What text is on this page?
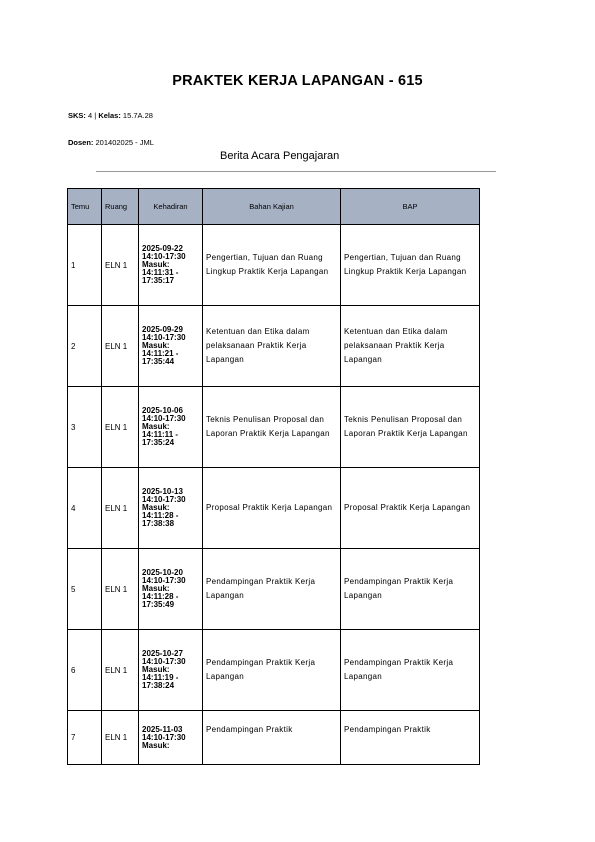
PRAKTEK KERJA LAPANGAN - 615
SKS: 4 | Kelas: 15.7A.28
Dosen: 201402025 - JML
Berita Acara Pengajaran
Temu	Ruang	Kehadiran	Bahan Kajian	BAP
1	ELN 1	2025-09-22
14:10-17:30
Masuk:
14:11:31 -
17:35:17	Pengertian, Tujuan dan Ruang Lingkup Praktik Kerja Lapangan	Pengertian, Tujuan dan Ruang Lingkup Praktik Kerja Lapangan
2	ELN 1	2025-09-29
14:10-17:30
Masuk:
14:11:21 -
17:35:44	Ketentuan dan Etika dalam pelaksanaan Praktik Kerja Lapangan	Ketentuan dan Etika dalam pelaksanaan Praktik Kerja Lapangan
3	ELN 1	2025-10-06
14:10-17:30
Masuk:
14:11:11 -
17:35:24	Teknis Penulisan Proposal dan Laporan Praktik Kerja Lapangan	Teknis Penulisan Proposal dan Laporan Praktik Kerja Lapangan
4	ELN 1	2025-10-13
14:10-17:30
Masuk:
14:11:28 -
17:38:38	Proposal Praktik Kerja Lapangan	Proposal Praktik Kerja Lapangan
5	ELN 1	2025-10-20
14:10-17:30
Masuk:
14:11:28 -
17:35:49	Pendampingan Praktik Kerja Lapangan	Pendampingan Praktik Kerja Lapangan
6	ELN 1	2025-10-27
14:10-17:30
Masuk:
14:11:19 -
17:38:24	Pendampingan Praktik Kerja Lapangan	Pendampingan Praktik Kerja Lapangan
7	ELN 1	2025-11-03
14:10-17:30
Masuk:	Pendampingan Praktik	Pendampingan Praktik
